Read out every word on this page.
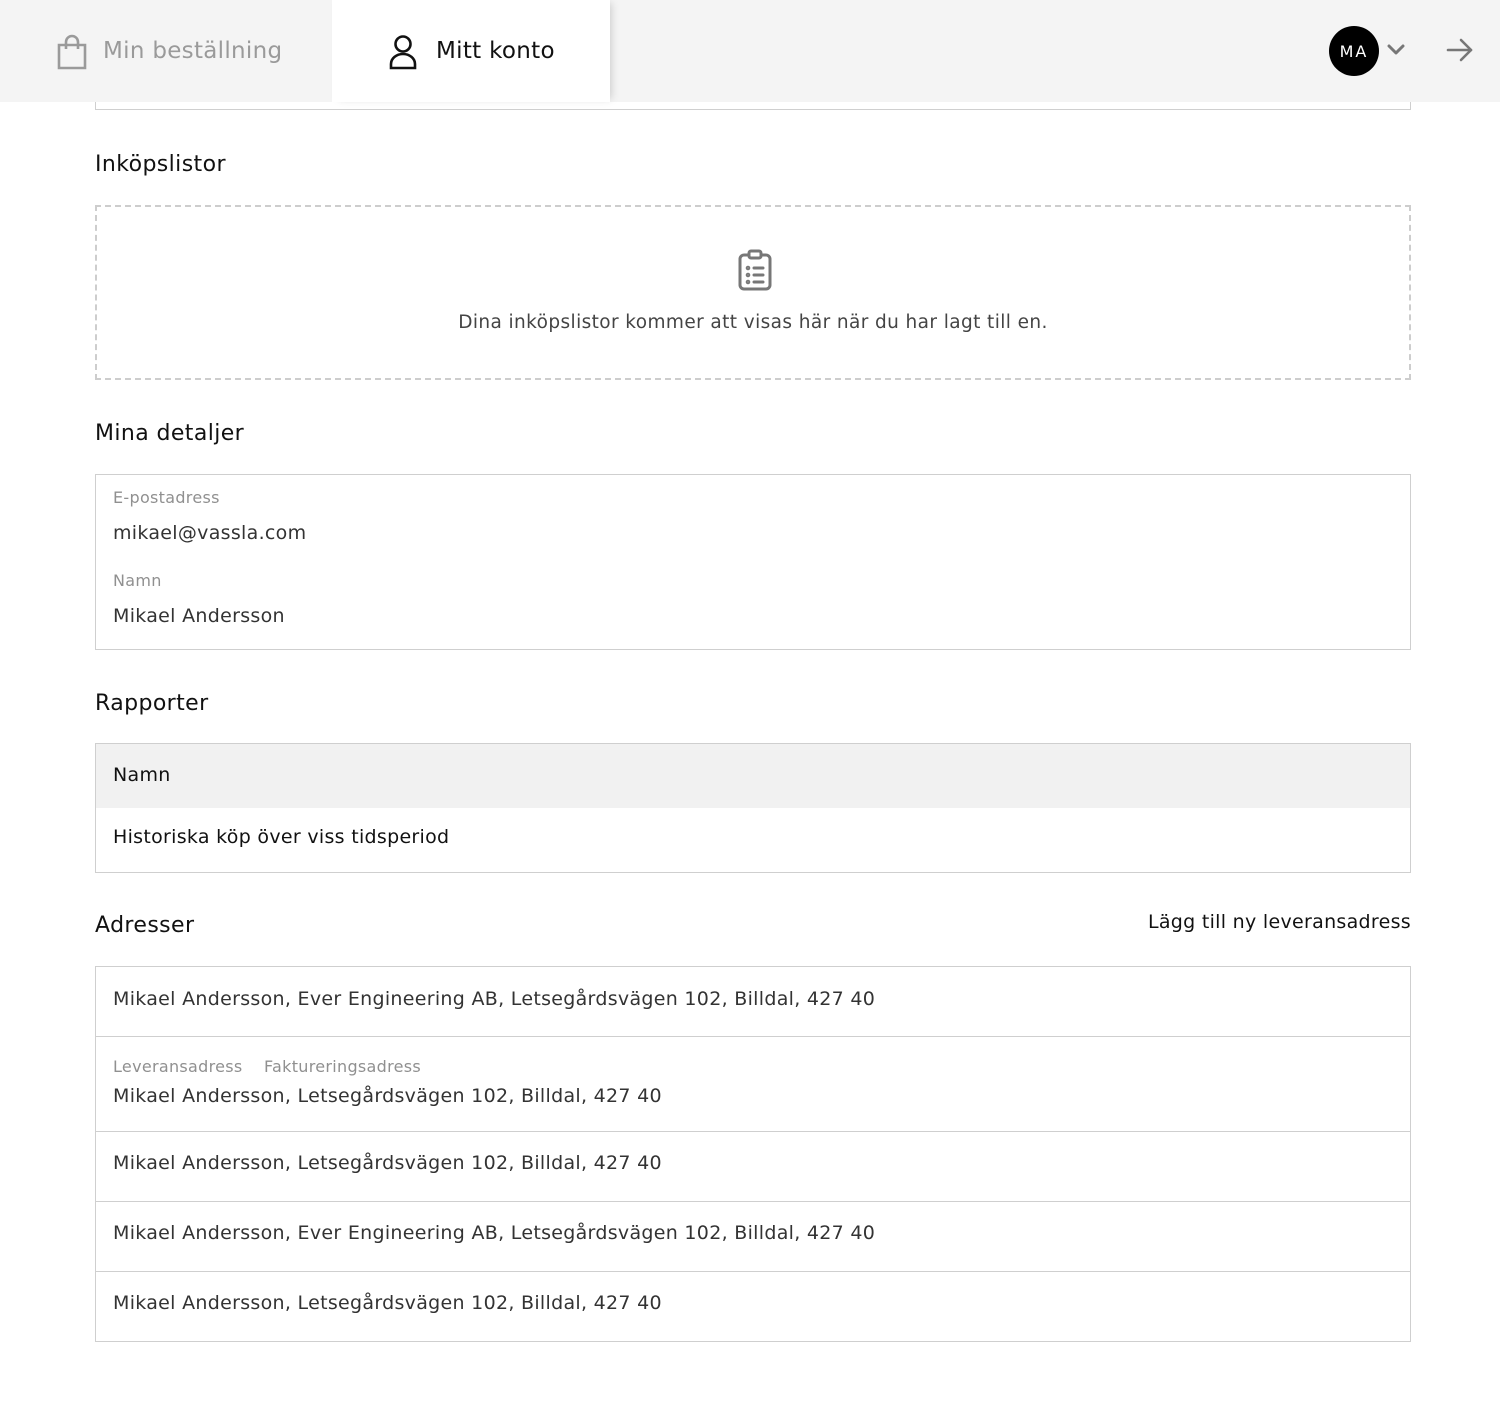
Min beställning	Mitt konto	MA
Inköpslistor
Dina inköpslistor kommer att visas här när du har lagt till en.
Mina detaljer
E-postadress
mikael@vassla.com
Namn
Mikael Andersson
Rapporter
Namn
Historiska köp över viss tidsperiod
Adresser	Lägg till ny leveransadress
Mikael Andersson, Ever Engineering AB, Letsegårdsvägen 102, Billdal, 427 40
Leveransadress Faktureringsadress
Mikael Andersson, Letsegårdsvägen 102, Billdal, 427 40
Mikael Andersson, Letsegårdsvägen 102, Billdal, 427 40
Mikael Andersson, Ever Engineering AB, Letsegårdsvägen 102, Billdal, 427 40
Mikael Andersson, Letsegårdsvägen 102, Billdal, 427 40
